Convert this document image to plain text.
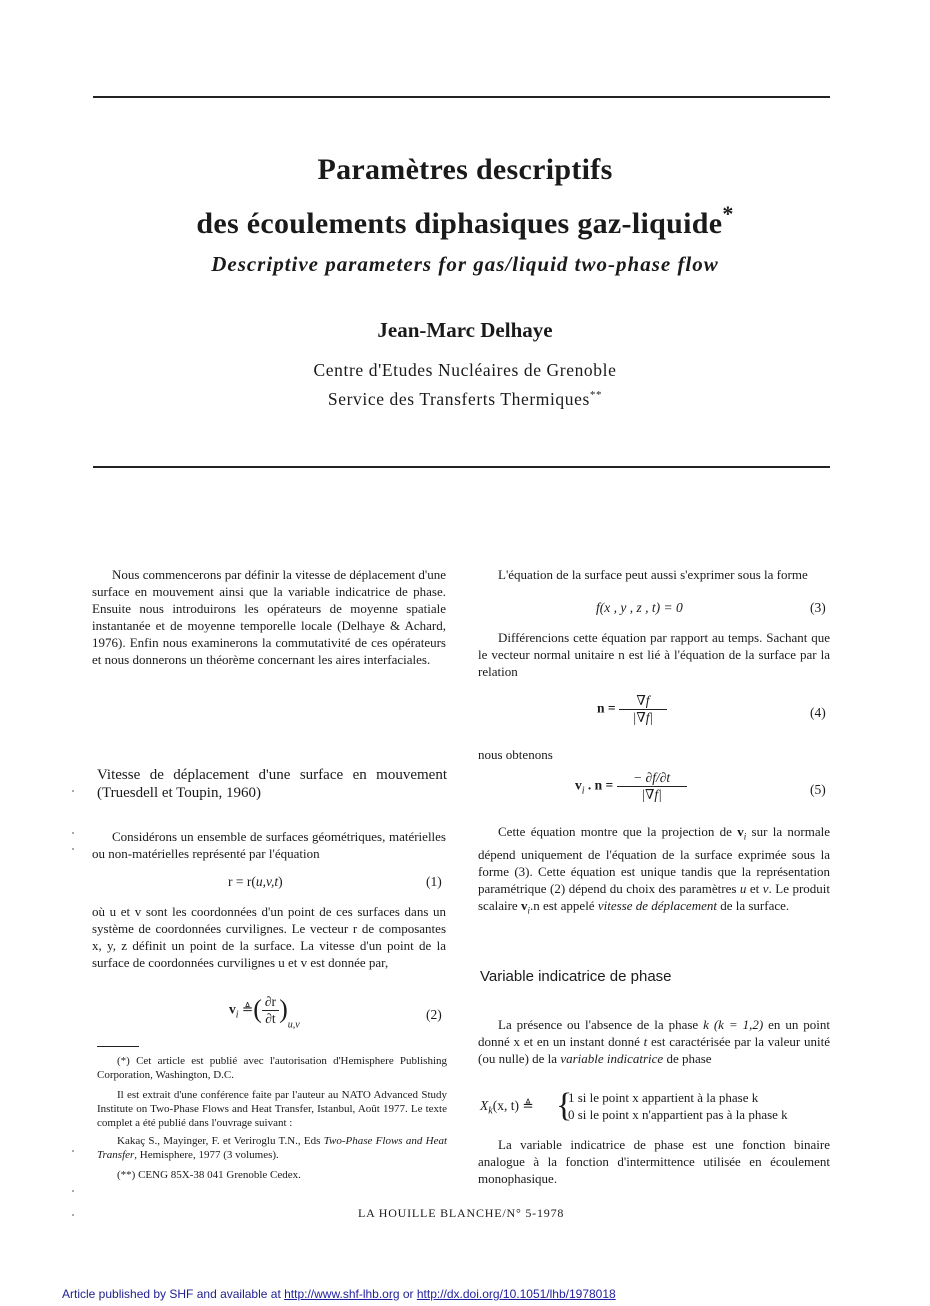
Paramètres descriptifs
des écoulements diphasiques gaz-liquide*
Descriptive parameters for gas/liquid two-phase flow
Jean-Marc Delhaye
Centre d'Etudes Nucléaires de Grenoble
Service des Transferts Thermiques**

Nous commencerons par définir la vitesse de déplacement d'une surface en mouvement ainsi que la variable indicatrice de phase. Ensuite nous introduirons les opérateurs de moyenne spatiale instantanée et de moyenne temporelle locale (Delhaye & Achard, 1976). Enfin nous examinerons la commutativité de ces opérateurs et nous donnerons un théorème concernant les aires interfaciales.

Vitesse de déplacement d'une surface en mouvement (Truesdell et Toupin, 1960)

Considérons un ensemble de surfaces géométriques, matérielles ou non-matérielles représenté par l'équation

r = r(u,v,t)	(1)

où u et v sont les coordonnées d'un point de ces surfaces dans un système de coordonnées curvilignes. Le vecteur r de composantes x, y, z définit un point de la surface. La vitesse d'un point de la surface de coordonnées curvilignes u et v est donnée par,

$v_i$ ≜( $\frac{\partial r}{\partial t} )_{u,v}$
(2)

(*) Cet article est publié avec l'autorisation d'Hemisphere Publishing Corporation, Washington, D.C.

Il est extrait d'une conférence faite par l'auteur au NATO Advanced Study Institute on Two-Phase Flows and Heat Transfer, Istanbul, Août 1977. Le texte complet a été publié dans l'ouvrage suivant :

Kakaç S., Mayinger, F. et Veriroglu T.N., Eds Two-Phase Flows and Heat Transfer, Hemisphere, 1977 (3 volumes).

(**) CENG 85X-38 041 Grenoble Cedex.

L'équation de la surface peut aussi s'exprimer sous la forme

f(x , y , z , t) = 0	(3)

Différencions cette équation par rapport au temps. Sachant que le vecteur normal unitaire n est lié à l'équation de la surface par la relation

$n = \frac{\nabla f}{|\nabla f|}$	(4)

nous obtenons

$v_i$ . $n = \frac{- \partial f/\partial t}{|\nabla f|}$	(5)

Cette équation montre que la projection de $v_i$ sur la normale dépend uniquement de l'équation de la surface exprimée sous la forme (3). Cette équation est unique tandis que la représentation paramétrique (2) dépend du choix des paramètres u et v. Le produit scalaire $v_i.n$ est appelé vitesse de déplacement de la surface.

Variable indicatrice de phase

La présence ou l'absence de la phase k (k = 1,2) en un point donné x et en un instant donné t est caractérisée par la valeur unité (ou nulle) de la variable indicatrice de phase

$X_k(x$, t) ≜ {
1 si le point x appartient à la phase k
0 si le point x n'appartient pas à la phase k

La variable indicatrice de phase est une fonction binaire analogue à la fonction d'intermittence utilisée en écoulement monophasique.

LA HOUILLE BLANCHE/N° 5-1978
Article published by SHF and available at http://www.shf-lhb.org or http://dx.doi.org/10.1051/lhb/1978018
